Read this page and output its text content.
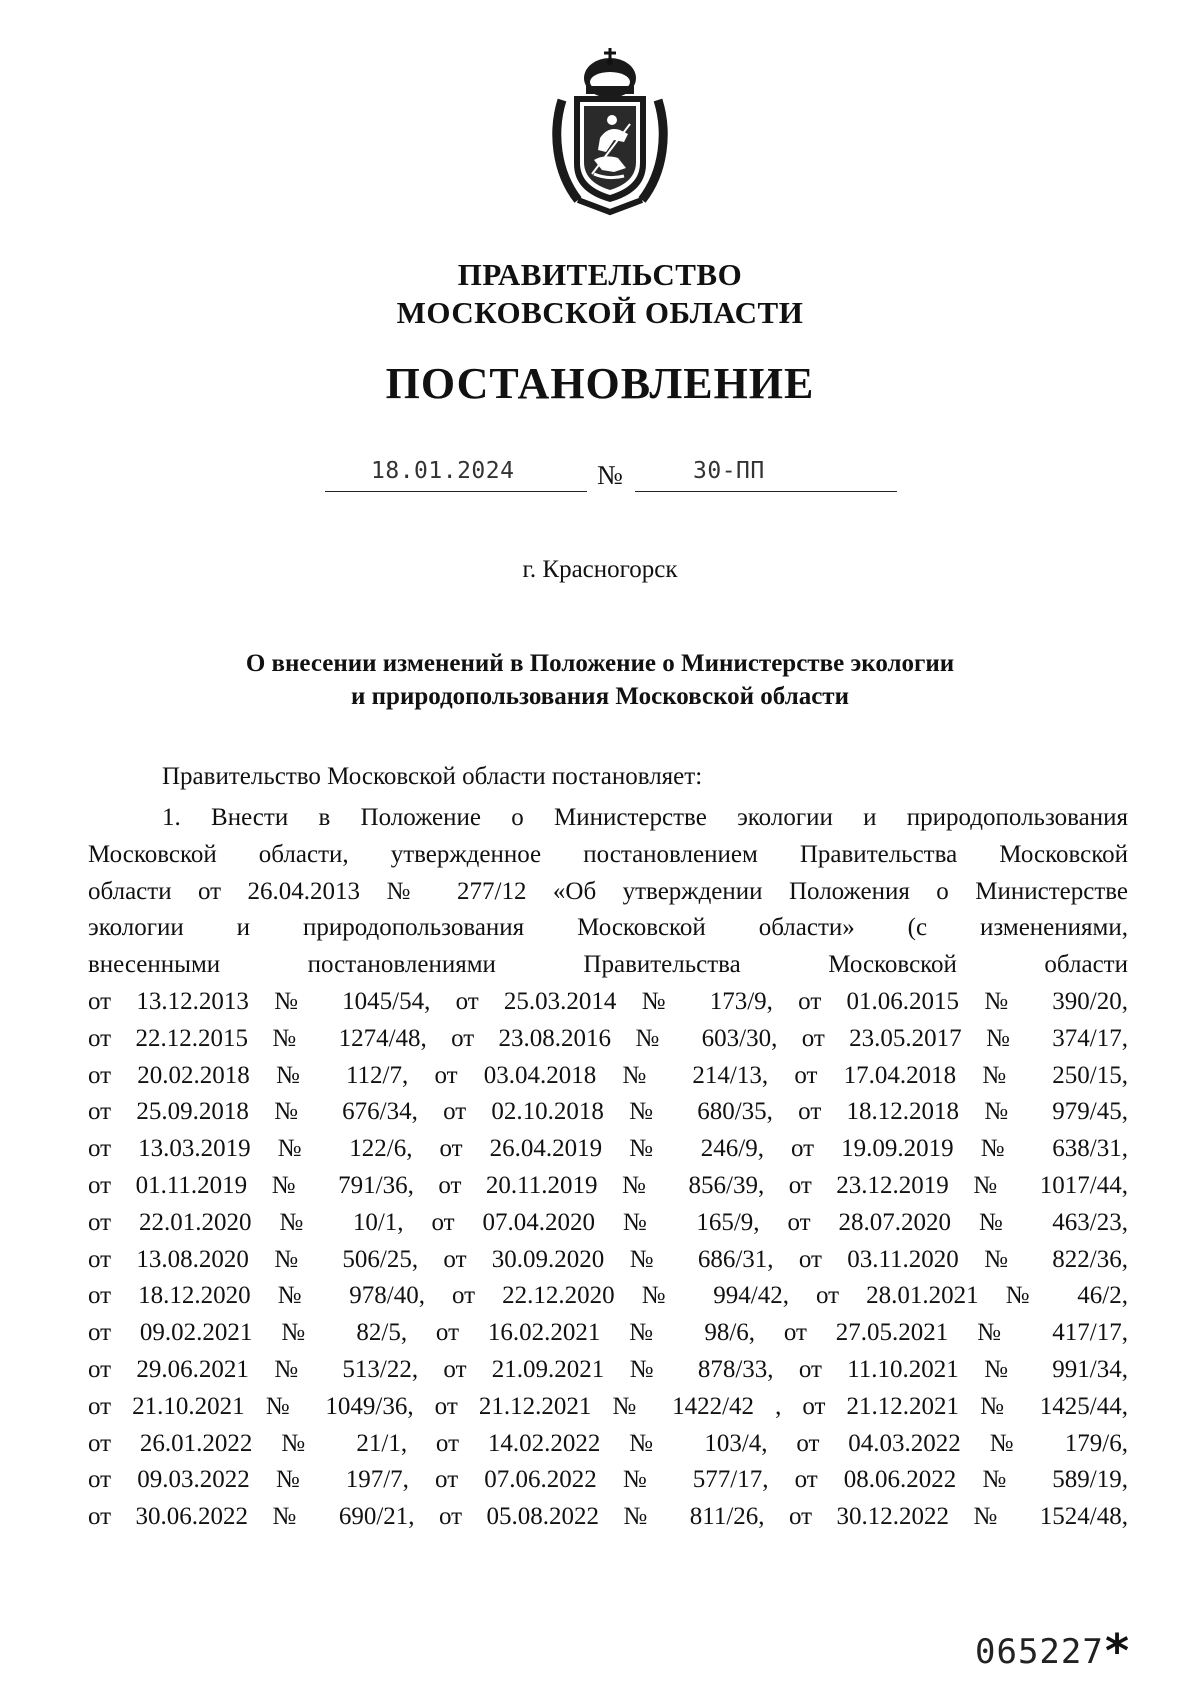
ПРАВИТЕЛЬСТВО
МОСКОВСКОЙ ОБЛАСТИ
ПОСТАНОВЛЕНИЕ
18.01.2024	№	30-ПП
г. Красногорск
О внесении изменений в Положение о Министерстве экологии
и природопользования Московской области
Правительство Московской области постановляет:
1. Внести в Положение о Министерстве экологии и природопользования
Московской области, утвержденное постановлением Правительства Московской
области от 26.04.2013 № 277/12 «Об утверждении Положения о Министерстве
экологии и природопользования Московской области» (с изменениями,
внесенными постановлениями Правительства Московской области
от 13.12.2013 № 1045/54, от 25.03.2014 № 173/9, от 01.06.2015 № 390/20,
от 22.12.2015 № 1274/48, от 23.08.2016 № 603/30, от 23.05.2017 № 374/17,
от 20.02.2018 № 112/7, от 03.04.2018 № 214/13, от 17.04.2018 № 250/15,
от 25.09.2018 № 676/34, от 02.10.2018 № 680/35, от 18.12.2018 № 979/45,
от 13.03.2019 № 122/6, от 26.04.2019 № 246/9, от 19.09.2019 № 638/31,
от 01.11.2019 № 791/36, от 20.11.2019 № 856/39, от 23.12.2019 № 1017/44,
от 22.01.2020 № 10/1, от 07.04.2020 № 165/9, от 28.07.2020 № 463/23,
от 13.08.2020 № 506/25, от 30.09.2020 № 686/31, от 03.11.2020 № 822/36,
от 18.12.2020 № 978/40, от 22.12.2020 № 994/42, от 28.01.2021 № 46/2,
от 09.02.2021 № 82/5, от 16.02.2021 № 98/6, от 27.05.2021 № 417/17,
от 29.06.2021 № 513/22, от 21.09.2021 № 878/33, от 11.10.2021 № 991/34,
от 21.10.2021 № 1049/36, от 21.12.2021 № 1422/42 , от 21.12.2021 № 1425/44,
от 26.01.2022 № 21/1, от 14.02.2022 № 103/4, от 04.03.2022 № 179/6,
от 09.03.2022 № 197/7, от 07.06.2022 № 577/17, от 08.06.2022 № 589/19,
от 30.06.2022 № 690/21, от 05.08.2022 № 811/26, от 30.12.2022 № 1524/48,
065227 *
